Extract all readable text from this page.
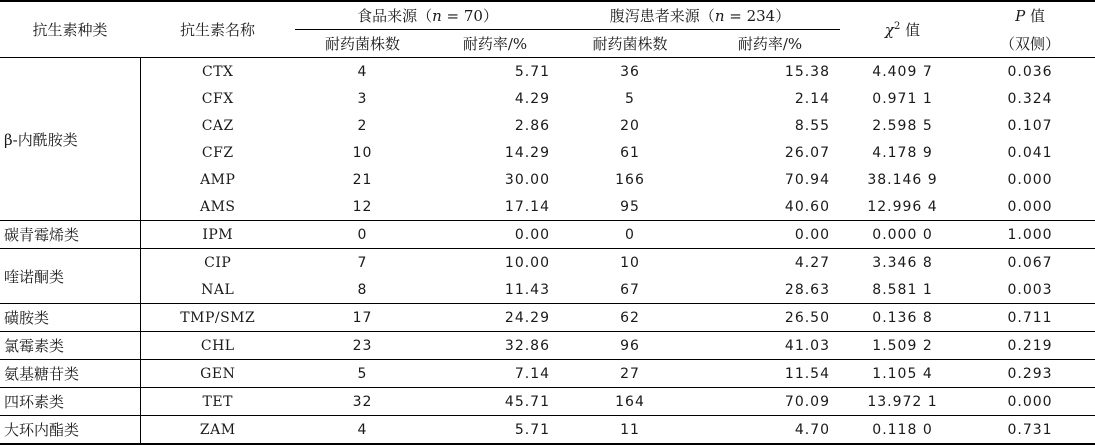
抗生素种类	抗生素名称	食品来源（n = 70）		腹泻患者来源（n = 234）		$\chi^2$ 值	P 值
		耐药菌株数	耐药率/%	耐药菌株数	耐药率/%		（双侧）
β-内酰胺类	CTX	4	5.71	36	15.38	4.409 7	0.036
	CFX	3	4.29	5	2.14	0.971 1	0.324
	CAZ	2	2.86	20	8.55	2.598 5	0.107
	CFZ	10	14.29	61	26.07	4.178 9	0.041
	AMP	21	30.00	166	70.94	38.146 9	0.000
	AMS	12	17.14	95	40.60	12.996 4	0.000
碳青霉烯类	IPM	0	0.00	0	0.00	0.000 0	1.000
喹诺酮类	CIP	7	10.00	10	4.27	3.346 8	0.067
	NAL	8	11.43	67	28.63	8.581 1	0.003
磺胺类	TMP/SMZ	17	24.29	62	26.50	0.136 8	0.711
氯霉素类	CHL	23	32.86	96	41.03	1.509 2	0.219
氨基糖苷类	GEN	5	7.14	27	11.54	1.105 4	0.293
四环素类	TET	32	45.71	164	70.09	13.972 1	0.000
大环内酯类	ZAM	4	5.71	11	4.70	0.118 0	0.731
